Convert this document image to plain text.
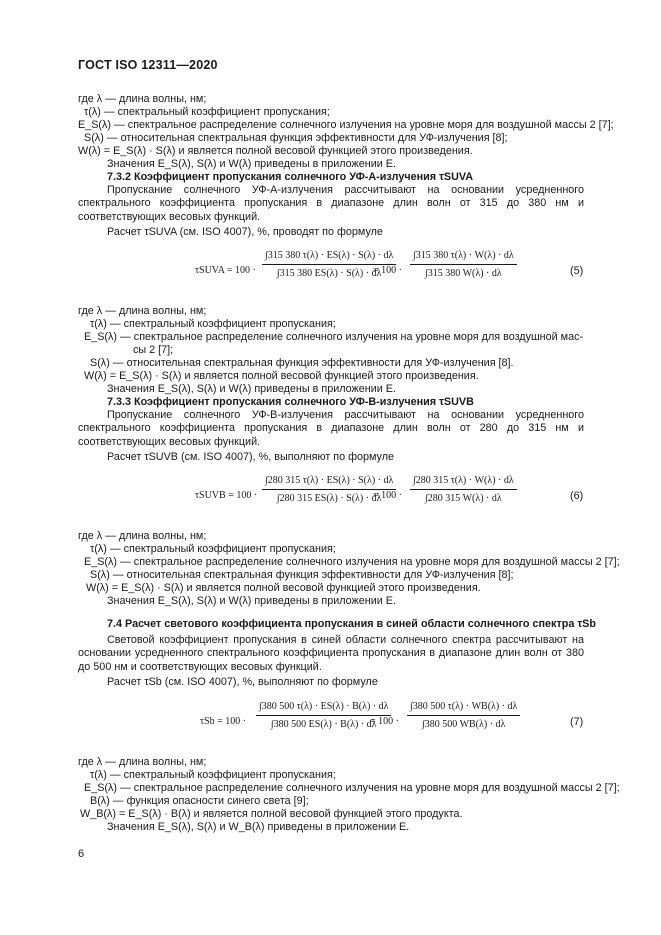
ГОСТ ISO 12311—2020
где λ — длина волны, нм;
τ(λ) — спектральный коэффициент пропускания;
E_S(λ) — спектральное распределение солнечного излучения на уровне моря для воздушной массы 2 [7];
S(λ) — относительная спектральная функция эффективности для УФ-излучения [8];
W(λ) = E_S(λ) · S(λ) и является полной весовой функцией этого произведения.
Значения E_S(λ), S(λ) и W(λ) приведены в приложении Е.
7.3.2 Коэффициент пропускания солнечного УФ-А-излучения τSUVA
Пропускание солнечного УФ-А-излучения рассчитывают на основании усредненного спектрального коэффициента пропускания в диапазоне длин волн от 315 до 380 нм и соответствующих весовых функций.
Расчет τSUVA (см. ISO 4007), %, проводят по формуле
τSUVA = $100 \cdot \frac{\int 315 380 \tau(\lambda) \cdot ES(\lambda) \cdot S(\lambda) \cdot d\lambda}{\int 315 380 ES(\lambda) \cdot S(\lambda) \cdot d\lambda}$
= $100 \cdot \frac{\int 315 380 \tau(\lambda) \cdot W(\lambda) \cdot d\lambda}{\int 315 380 W(\lambda) \cdot d\lambda}$	(5)
где λ — длина волны, нм;
τ(λ) — спектральный коэффициент пропускания;
E_S(λ) — спектральное распределение солнечного излучения на уровне моря для воздушной мас-
сы 2 [7];
S(λ) — относительная спектральная функция эффективности для УФ-излучения [8].
W(λ) = E_S(λ) · S(λ) и является полной весовой функцией этого произведения.
Значения E_S(λ), S(λ) и W(λ) приведены в приложении Е.
7.3.3 Коэффициент пропускания солнечного УФ-В-излучения τSUVB
Пропускание солнечного УФ-В-излучения рассчитывают на основании усредненного спектрального коэффициента пропускания в диапазоне длин волн от 280 до 315 нм и соответствующих весовых функций.
Расчет τSUVB (см. ISO 4007), %, выполняют по формуле
τSUVB = $100 \cdot \frac{\int 280 315 \tau(\lambda) \cdot ES(\lambda) \cdot S(\lambda) \cdot d\lambda}{\int 280 315 ES(\lambda) \cdot S(\lambda) \cdot d\lambda}$
= $100 \cdot \frac{\int 280 315 \tau(\lambda) \cdot W(\lambda) \cdot d\lambda}{\int 280 315 W(\lambda) \cdot d\lambda}$	(6)
где λ — длина волны, нм;
τ(λ) — спектральный коэффициент пропускания;
E_S(λ) — спектральное распределение солнечного излучения на уровне моря для воздушной массы 2 [7];
S(λ) — относительная спектральная функция эффективности для УФ-излучения [8];
W(λ) = E_S(λ) · S(λ) и является полной весовой функцией этого произведения.
Значения E_S(λ), S(λ) и W(λ) приведены в приложении Е.
7.4 Расчет светового коэффициента пропускания в синей области солнечного спектра τSb
Световой коэффициент пропускания в синей области солнечного спектра рассчитывают на основании усредненного спектрального коэффициента пропускания в диапазоне длин волн от 380 до 500 нм и соответствующих весовых функций.
Расчет τSb (см. ISO 4007), %, выполняют по формуле
$\tau Sb = 100 \cdot \frac{\int 380 500 \tau(\lambda) \cdot ES(\lambda) \cdot B(\lambda) \cdot d\lambda}{\int 380 500 ES(\lambda) \cdot B(\lambda) \cdot d\lambda}$
= $100 \cdot \frac{\int 380 500 \tau(\lambda) \cdot WB(\lambda) \cdot d\lambda}{\int 380 500 WB(\lambda) \cdot d\lambda}$	(7)
где λ — длина волны, нм;
τ(λ) — спектральный коэффициент пропускания;
E_S(λ) — спектральное распределение солнечного излучения на уровне моря для воздушной массы 2 [7];
B(λ) — функция опасности синего света [9];
W_B(λ) = E_S(λ) · B(λ) и является полной весовой функцией этого продукта.
Значения E_S(λ), S(λ) и W_B(λ) приведены в приложении Е.
6
